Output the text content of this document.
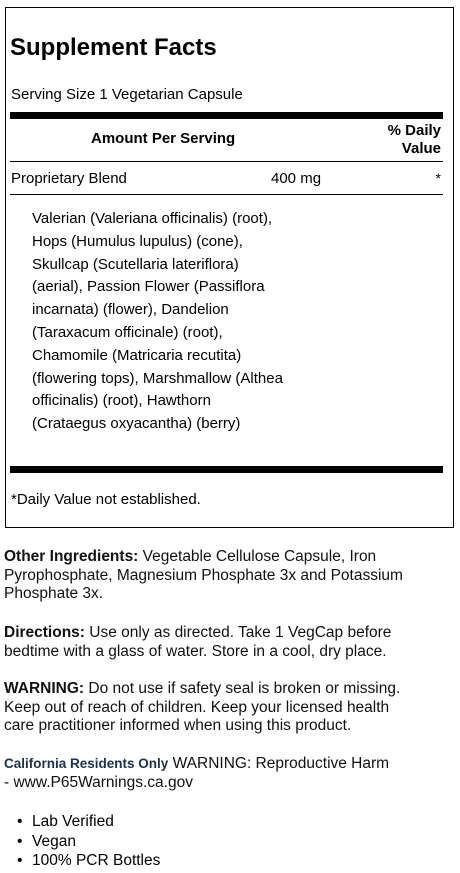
Supplement Facts
Serving Size 1 Vegetarian Capsule
Amount Per Serving	% Daily
Value
Proprietary Blend	400 mg	*
Valerian (Valeriana officinalis) (root),
Hops (Humulus lupulus) (cone),
Skullcap (Scutellaria lateriflora)
(aerial), Passion Flower (Passiflora
incarnata) (flower), Dandelion
(Taraxacum officinale) (root),
Chamomile (Matricaria recutita)
(flowering tops), Marshmallow (Althea
officinalis) (root), Hawthorn
(Crataegus oxyacantha) (berry)
*Daily Value not established.
Other Ingredients: Vegetable Cellulose Capsule, Iron
Pyrophosphate, Magnesium Phosphate 3x and Potassium
Phosphate 3x.
Directions: Use only as directed. Take 1 VegCap before
bedtime with a glass of water. Store in a cool, dry place.
WARNING: Do not use if safety seal is broken or missing.
Keep out of reach of children. Keep your licensed health
care practitioner informed when using this product.
California Residents Only WARNING: Reproductive Harm
- www.P65Warnings.ca.gov
• Lab Verified
• Vegan
• 100% PCR Bottles
